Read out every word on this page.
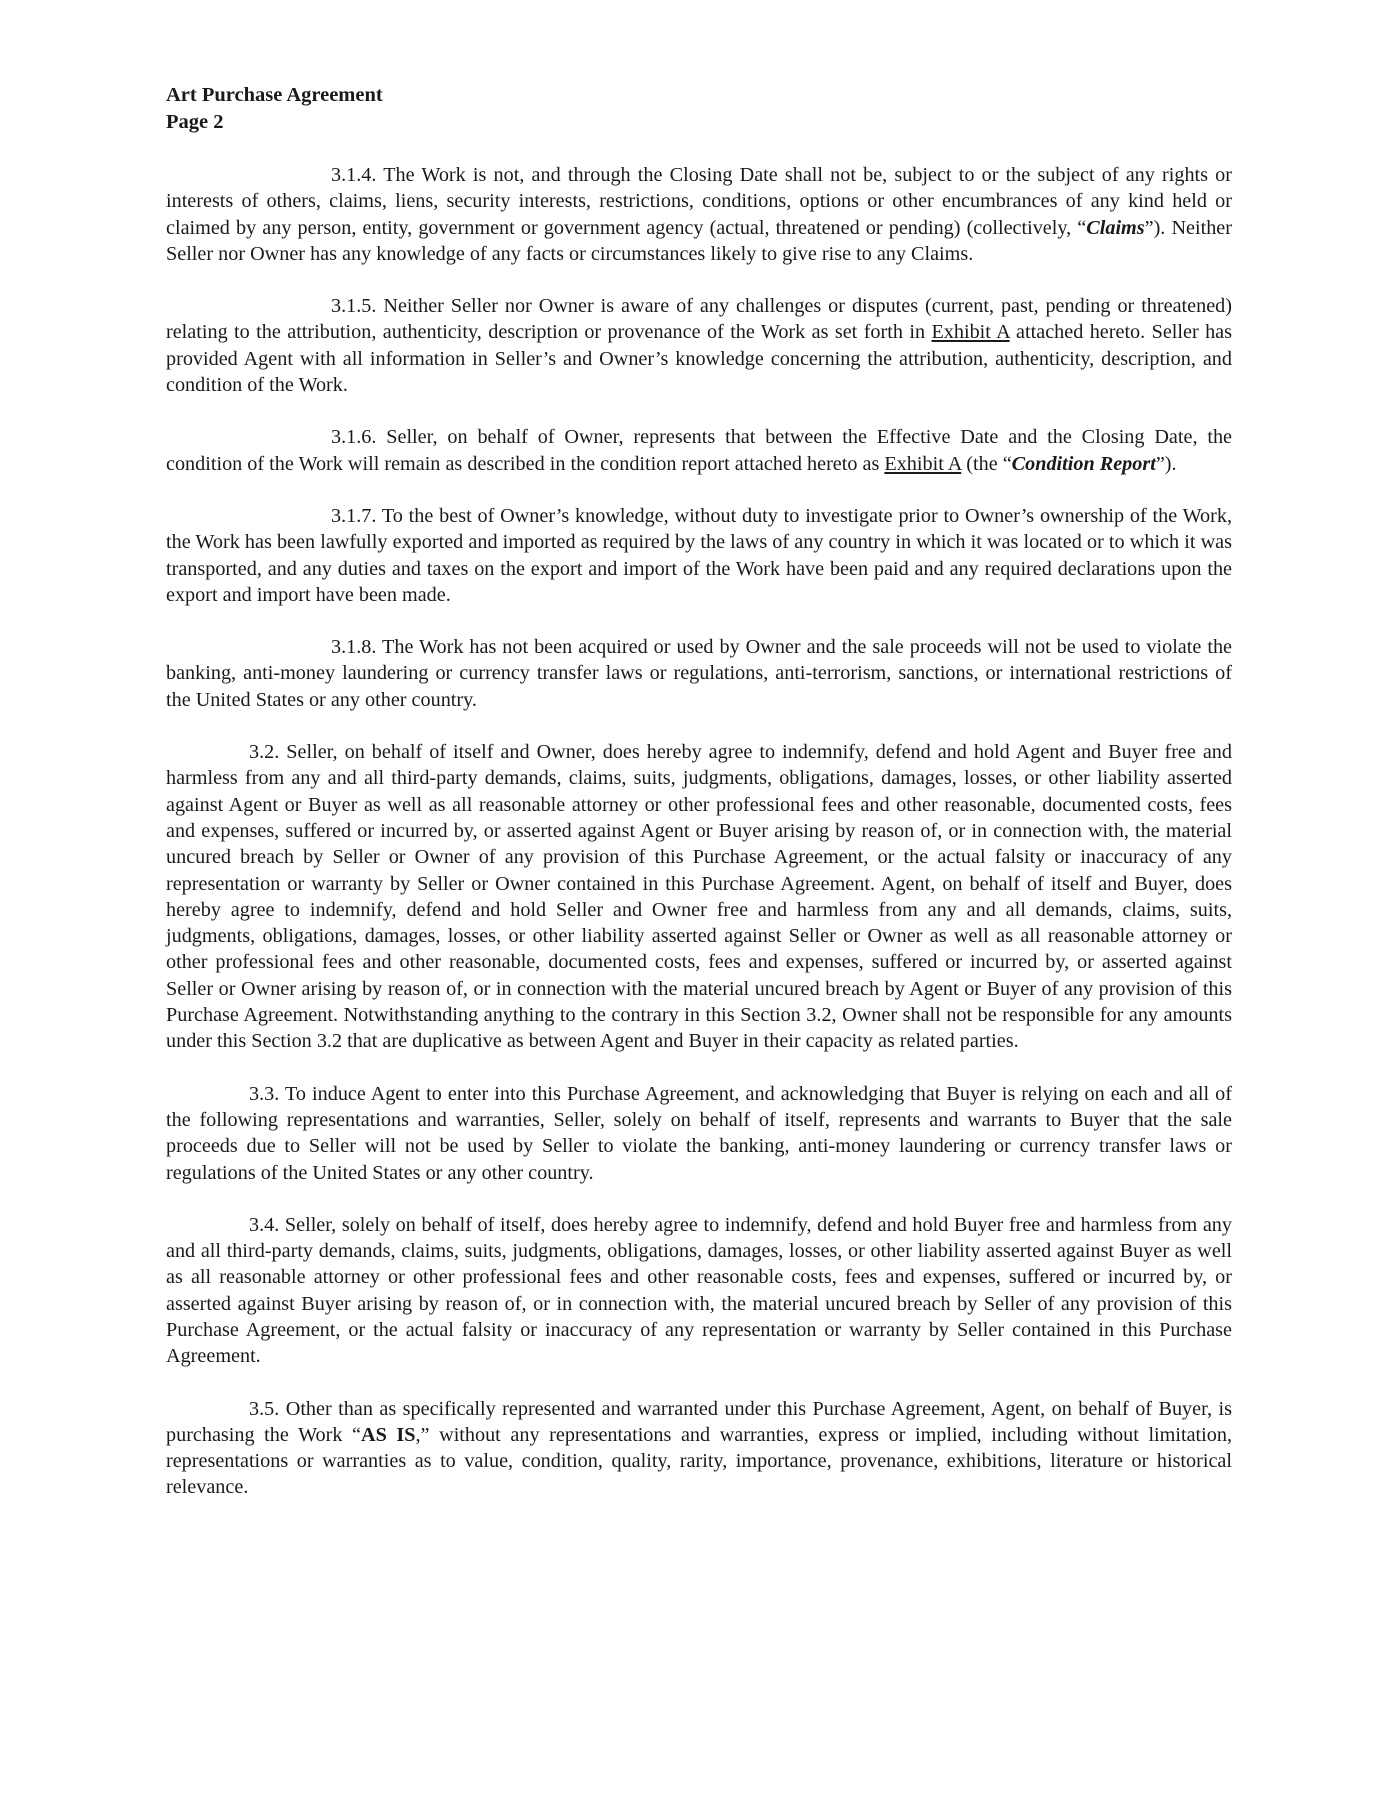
Art Purchase Agreement

Page 2

3.1.4. The Work is not, and through the Closing Date shall not be, subject to or the subject of any rights or interests of others, claims, liens, security interests, restrictions, conditions, options or other encumbrances of any kind held or claimed by any person, entity, government or government agency (actual, threatened or pending) (collectively, “Claims”). Neither Seller nor Owner has any knowledge of any facts or circumstances likely to give rise to any Claims.

3.1.5. Neither Seller nor Owner is aware of any challenges or disputes (current, past, pending or threatened) relating to the attribution, authenticity, description or provenance of the Work as set forth in Exhibit A attached hereto. Seller has provided Agent with all information in Seller’s and Owner’s knowledge concerning the attribution, authenticity, description, and condition of the Work.

3.1.6. Seller, on behalf of Owner, represents that between the Effective Date and the Closing Date, the condition of the Work will remain as described in the condition report attached hereto as Exhibit A (the “Condition Report”).

3.1.7. To the best of Owner’s knowledge, without duty to investigate prior to Owner’s ownership of the Work, the Work has been lawfully exported and imported as required by the laws of any country in which it was located or to which it was transported, and any duties and taxes on the export and import of the Work have been paid and any required declarations upon the export and import have been made.

3.1.8. The Work has not been acquired or used by Owner and the sale proceeds will not be used to violate the banking, anti-money laundering or currency transfer laws or regulations, anti-terrorism, sanctions, or international restrictions of the United States or any other country.

3.2. Seller, on behalf of itself and Owner, does hereby agree to indemnify, defend and hold Agent and Buyer free and harmless from any and all third-party demands, claims, suits, judgments, obligations, damages, losses, or other liability asserted against Agent or Buyer as well as all reasonable attorney or other professional fees and other reasonable, documented costs, fees and expenses, suffered or incurred by, or asserted against Agent or Buyer arising by reason of, or in connection with, the material uncured breach by Seller or Owner of any provision of this Purchase Agreement, or the actual falsity or inaccuracy of any representation or warranty by Seller or Owner contained in this Purchase Agreement. Agent, on behalf of itself and Buyer, does hereby agree to indemnify, defend and hold Seller and Owner free and harmless from any and all demands, claims, suits, judgments, obligations, damages, losses, or other liability asserted against Seller or Owner as well as all reasonable attorney or other professional fees and other reasonable, documented costs, fees and expenses, suffered or incurred by, or asserted against Seller or Owner arising by reason of, or in connection with the material uncured breach by Agent or Buyer of any provision of this Purchase Agreement. Notwithstanding anything to the contrary in this Section 3.2, Owner shall not be responsible for any amounts under this Section 3.2 that are duplicative as between Agent and Buyer in their capacity as related parties.

3.3. To induce Agent to enter into this Purchase Agreement, and acknowledging that Buyer is relying on each and all of the following representations and warranties, Seller, solely on behalf of itself, represents and warrants to Buyer that the sale proceeds due to Seller will not be used by Seller to violate the banking, anti-money laundering or currency transfer laws or regulations of the United States or any other country.

3.4. Seller, solely on behalf of itself, does hereby agree to indemnify, defend and hold Buyer free and harmless from any and all third-party demands, claims, suits, judgments, obligations, damages, losses, or other liability asserted against Buyer as well as all reasonable attorney or other professional fees and other reasonable costs, fees and expenses, suffered or incurred by, or asserted against Buyer arising by reason of, or in connection with, the material uncured breach by Seller of any provision of this Purchase Agreement, or the actual falsity or inaccuracy of any representation or warranty by Seller contained in this Purchase Agreement.

3.5. Other than as specifically represented and warranted under this Purchase Agreement, Agent, on behalf of Buyer, is purchasing the Work “AS IS,” without any representations and warranties, express or implied, including without limitation, representations or warranties as to value, condition, quality, rarity, importance, provenance, exhibitions, literature or historical relevance.
